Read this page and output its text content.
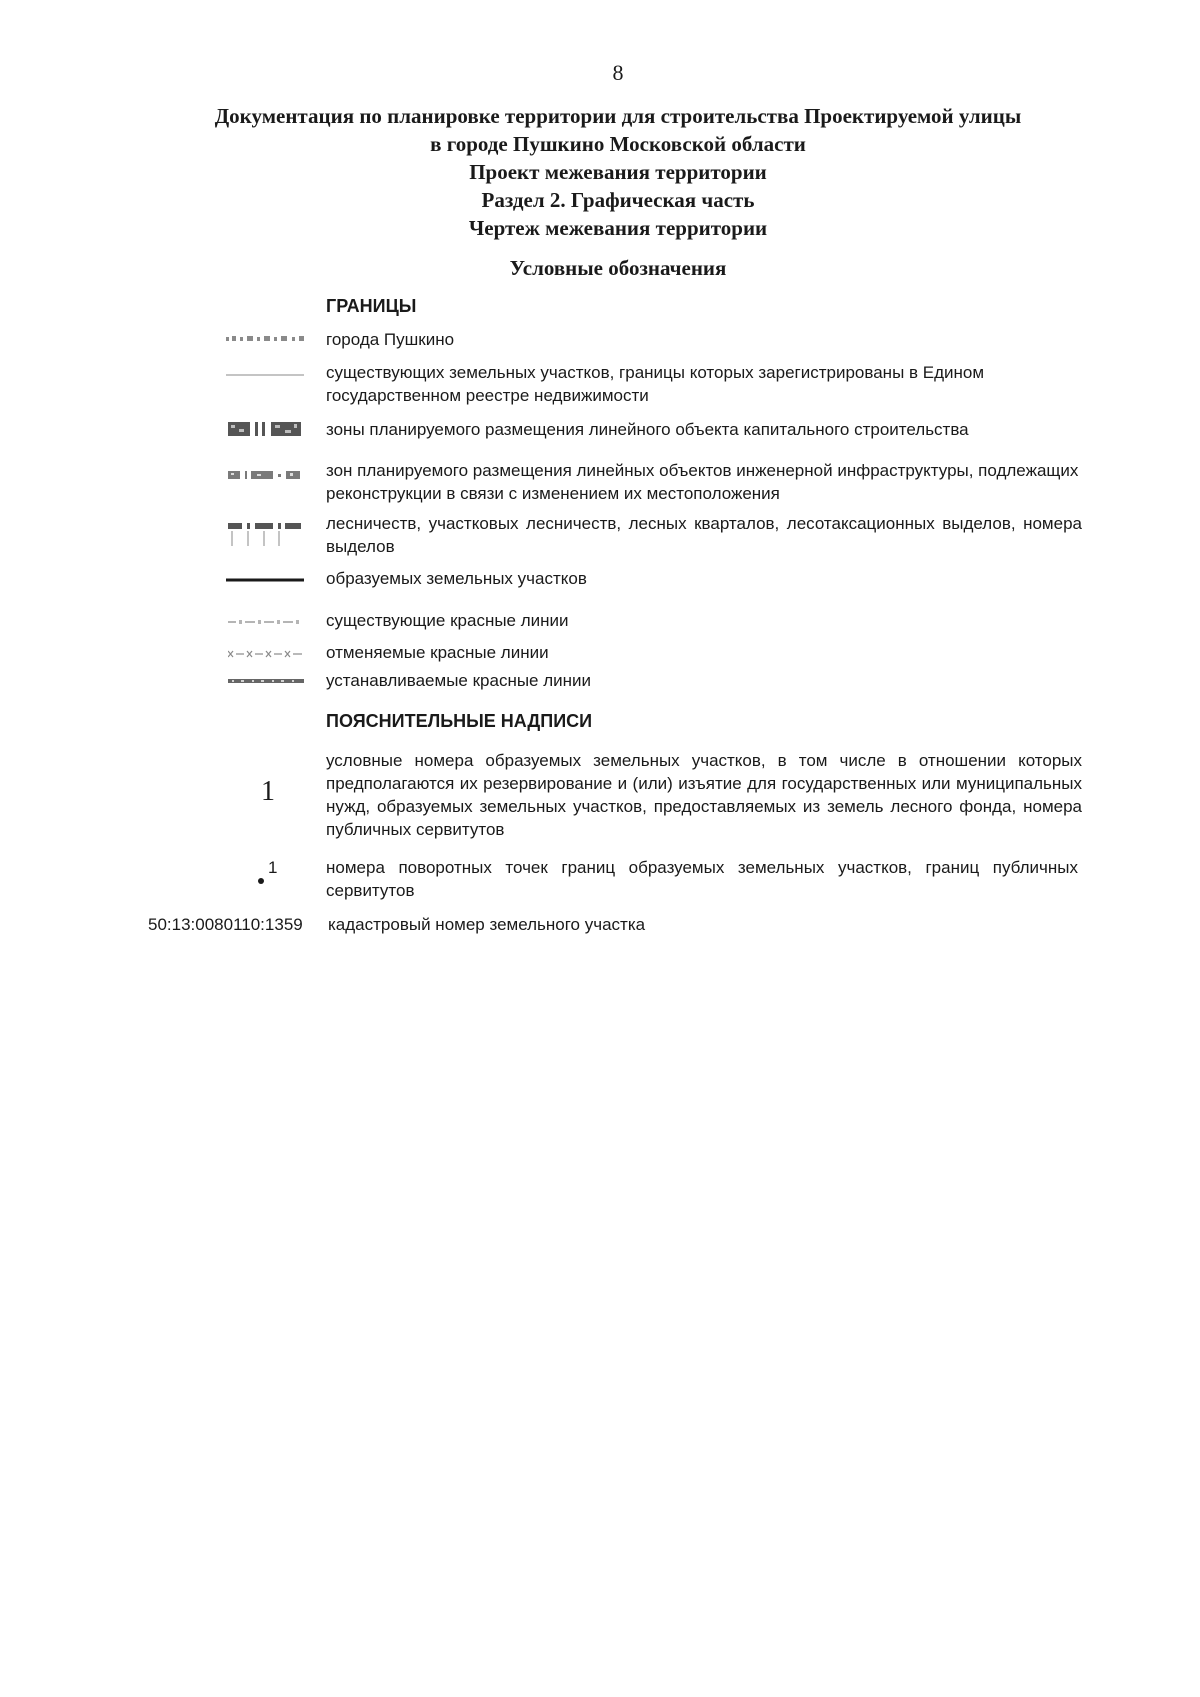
8
Документация по планировке территории для строительства Проектируемой улицы
в городе Пушкино Московской области
Проект межевания территории
Раздел 2. Графическая часть
Чертеж межевания территории
Условные обозначения
ГРАНИЦЫ
города Пушкино
существующих земельных участков, границы которых зарегистрированы в Едином государственном реестре недвижимости
зоны планируемого размещения линейного объекта капитального строительства
зон планируемого размещения линейных объектов инженерной инфраструктуры, подлежащих реконструкции в связи с изменением их местоположения
лесничеств, участковых лесничеств, лесных кварталов, лесотаксационных выделов, номера выделов
образуемых земельных участков
существующие красные линии
отменяемые красные линии
устанавливаемые красные линии
ПОЯСНИТЕЛЬНЫЕ НАДПИСИ
1
условные номера образуемых земельных участков, в том числе в отношении которых предполагаются их резервирование и (или) изъятие для государственных или муниципальных нужд, образуемых земельных участков, предоставляемых из земель лесного фонда, номера публичных сервитутов
1	номера поворотных точек границ образуемых земельных участков, границ публичных сервитутов
50:13:0080110:1359 кадастровый номер земельного участка
